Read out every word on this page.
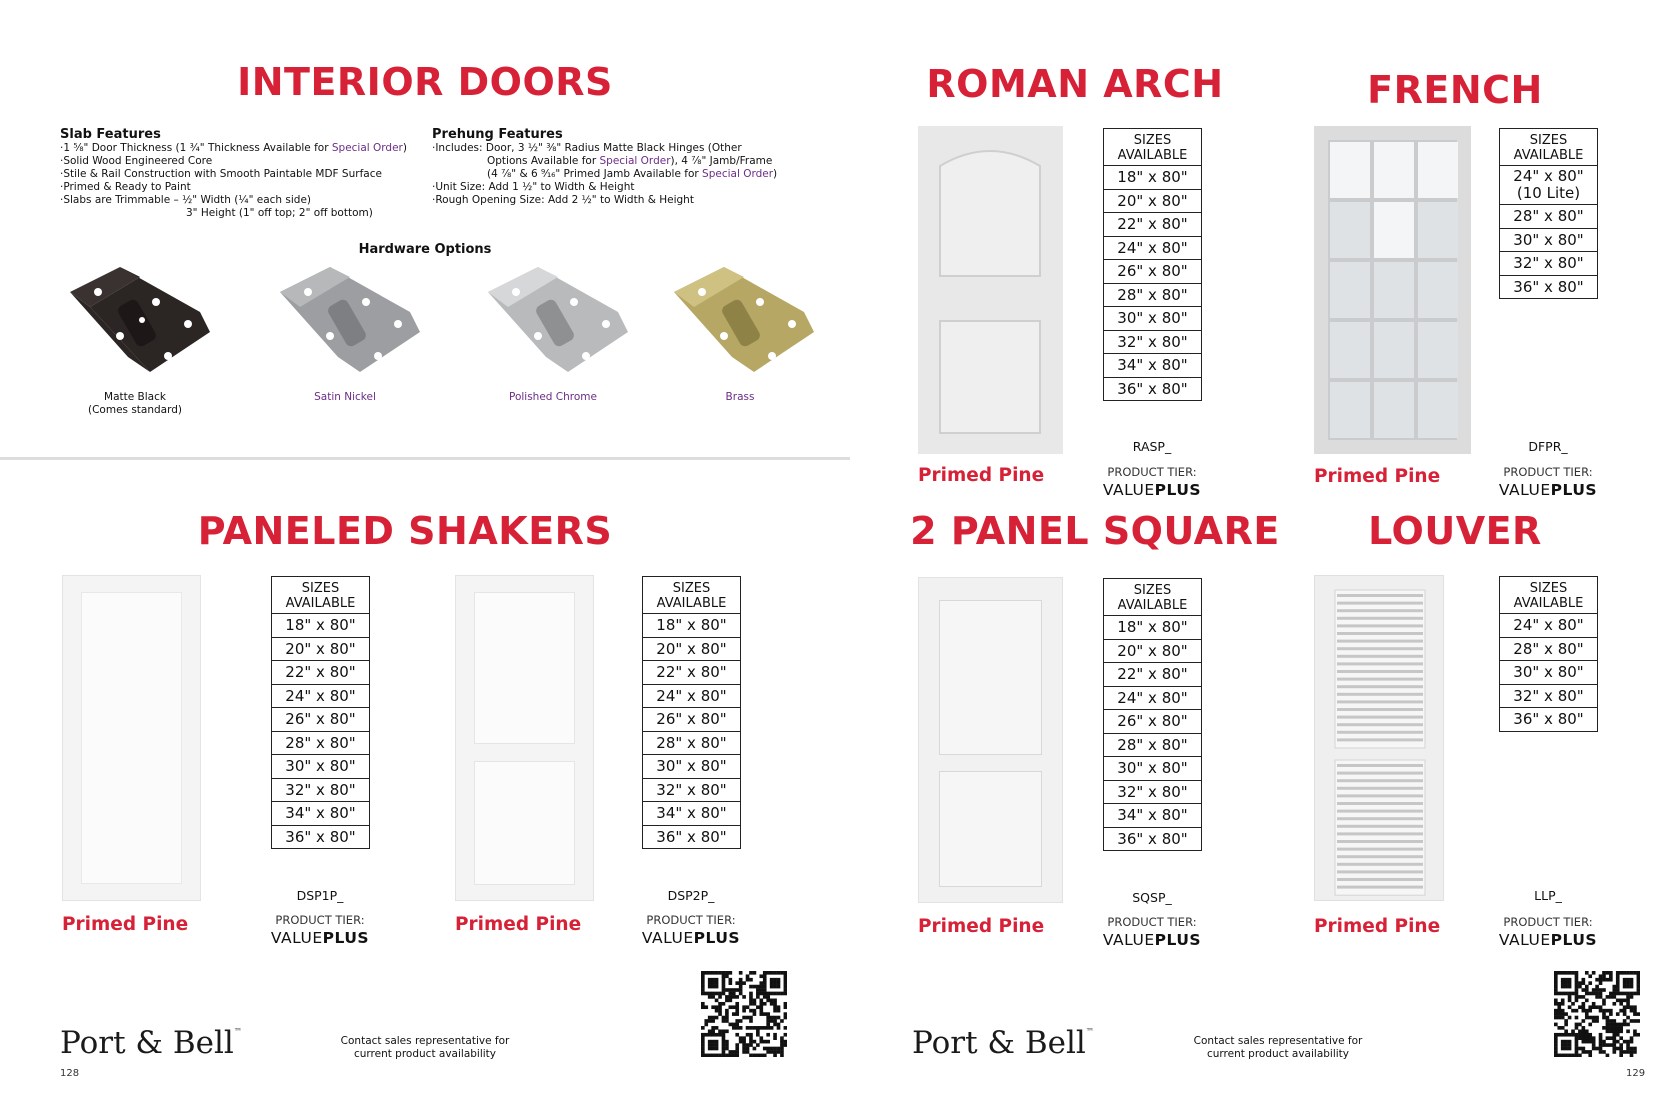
INTERIOR DOORS
Slab Features
·1 ⅝" Door Thickness (1 ¾" Thickness Available for Special Order)
·Solid Wood Engineered Core
·Stile & Rail Construction with Smooth Paintable MDF Surface
·Primed & Ready to Paint
·Slabs are Trimmable – ½" Width (¼" each side)
3" Height (1" off top; 2" off bottom)
Prehung Features
·Includes: Door, 3 ½" ⅜" Radius Matte Black Hinges (Other
Options Available for Special Order), 4 ⅞" Jamb/Frame
(4 ⅞" & 6 ⁹⁄₁₆" Primed Jamb Available for Special Order)
·Unit Size: Add 1 ½" to Width & Height
·Rough Opening Size: Add 2 ½" to Width & Height
Hardware Options
Matte Black
(Comes standard)
Satin Nickel	Polished Chrome	Brass
PANELED SHAKERS
SIZES AVAILABLE
18" x 80"
20" x 80"
22" x 80"
24" x 80"
26" x 80"
28" x 80"
30" x 80"
32" x 80"
34" x 80"
36" x 80"
DSP1P_
Primed Pine	PRODUCT TIER:
VALUEPLUS
SIZES AVAILABLE
18" x 80"
20" x 80"
22" x 80"
24" x 80"
26" x 80"
28" x 80"
30" x 80"
32" x 80"
34" x 80"
36" x 80"
DSP2P_
Primed Pine	PRODUCT TIER:
VALUEPLUS
Port & Bell™
Contact sales representative for current product availability
128
ROMAN ARCH
SIZES AVAILABLE
18" x 80"
20" x 80"
22" x 80"
24" x 80"
26" x 80"
28" x 80"
30" x 80"
32" x 80"
34" x 80"
36" x 80"
RASP_
Primed Pine	PRODUCT TIER:
VALUEPLUS
FRENCH
SIZES AVAILABLE
24" x 80" (10 Lite)
28" x 80"
30" x 80"
32" x 80"
36" x 80"
DFPR_
Primed Pine	PRODUCT TIER:
VALUEPLUS
2 PANEL SQUARE
SIZES AVAILABLE
18" x 80"
20" x 80"
22" x 80"
24" x 80"
26" x 80"
28" x 80"
30" x 80"
32" x 80"
34" x 80"
36" x 80"
SQSP_
Primed Pine	PRODUCT TIER:
VALUEPLUS
LOUVER
SIZES AVAILABLE
24" x 80"
28" x 80"
30" x 80"
32" x 80"
36" x 80"
LLP_
Primed Pine	PRODUCT TIER:
VALUEPLUS
Port & Bell™
Contact sales representative for current product availability
129
